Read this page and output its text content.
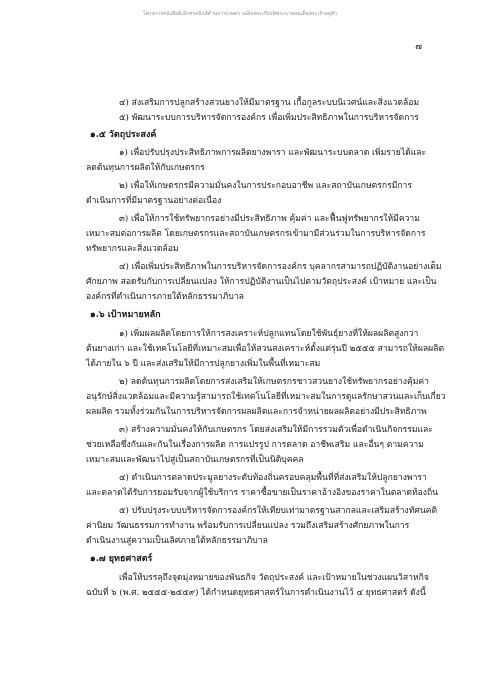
โครงการหนังสืออิเล็กทรอนิกส์ด้านการเกษตร เฉลิมพระเกียรติพระบาทสมเด็จพระเจ้าอยู่หัว
๗
๔) ส่งเสริมการปลูกสร้างสวนยางให้มีมาตรฐาน เกื้อกูลระบบนิเวศน์และสิ่งแวดล้อม
๕) พัฒนาระบบการบริหารจัดการองค์กร เพื่อเพิ่มประสิทธิภาพในการบริหารจัดการ
๑.๕ วัตถุประสงค์
๑) เพื่อปรับปรุงประสิทธิภาพการผลิตยางพารา และพัฒนาระบบตลาด เพิ่มรายได้และ
ลดต้นทุนการผลิตให้กับเกษตรกร
๒) เพื่อให้เกษตรกรมีความมั่นคงในการประกอบอาชีพ และสถาบันเกษตรกรมีการ
ดำเนินการที่มีมาตรฐานอย่างต่อเนื่อง
๓) เพื่อให้การใช้ทรัพยากรอย่างมีประสิทธิภาพ คุ้มค่า และฟื้นฟูทรัพยากรให้มีความ
เหมาะสมต่อการผลิต โดยเกษตรกรและสถาบันเกษตรกรเข้ามามีส่วนร่วมในการบริหารจัดการ
ทรัพยากรและสิ่งแวดล้อม
๔) เพื่อเพิ่มประสิทธิภาพในการบริหารจัดการองค์กร บุคลากรสามารถปฏิบัติงานอย่างเต็ม
ศักยภาพ สอดรับกับการเปลี่ยนแปลง ให้การปฏิบัติงานเป็นไปตามวัตถุประสงค์ เป้าหมาย และเป็น
องค์กรที่ดำเนินการภายใต้หลักธรรมาภิบาล
๑.๖ เป้าหมายหลัก
๑) เพิ่มผลผลิตโดยการให้การสงเคราะห์ปลูกแทนโดยใช้พันธุ์ยางที่ให้ผลผลิตสูงกว่า
ต้นยางเก่า และใช้เทคโนโลยีที่เหมาะสมเพื่อให้สวนสงเคราะห์ตั้งแต่รุ่นปี ๒๕๕๕ สามารถให้ผลผลิต
ได้ภายใน ๖ ปี และส่งเสริมให้มีการปลูกยางเพิ่มในพื้นที่เหมาะสม
๒) ลดต้นทุนการผลิตโดยการส่งเสริมให้เกษตรกรชาวสวนยางใช้ทรัพยากรอย่างคุ้มค่า
อนุรักษ์สิ่งแวดล้อมและมีความรู้สามารถใช้เทคโนโลยีที่เหมาะสมในการดูแลรักษาสวนและเก็บเกี่ยว
ผลผลิต รวมทั้งร่วมกันในการบริหารจัดการผลผลิตและการจำหน่ายผลผลิตอย่างมีประสิทธิภาพ
๓) สร้างความมั่นคงให้กับเกษตรกร โดยส่งเสริมให้มีการรวมตัวเพื่อดำเนินกิจกรรมและ
ช่วยเหลือซึ่งกันและกันในเรื่องการผลิต การแปรรูป การตลาด อาชีพเสริม และอื่นๆ ตามความ
เหมาะสมและพัฒนาไปสู่เป็นสถาบันเกษตรกรที่เป็นนิติบุคคล
๔) ดำเนินการตลาดประมูลยางระดับท้องถิ่นครอบคลุมพื้นที่ที่ส่งเสริมให้ปลูกยางพารา
และตลาดได้รับการยอมรับจากผู้ใช้บริการ ราคาซื้อขายเป็นราคาอ้างอิงของราคาในตลาดท้องถิ่น
๕) ปรับปรุงระบบบริหารจัดการองค์กรให้เทียบเท่ามาตรฐานสากลและเสริมสร้างทัศนคติ
ค่านิยม วัฒนธรรมการทำงาน พร้อมรับการเปลี่ยนแปลง รวมถึงเสริมสร้างศักยภาพในการ
ดำเนินงานสู่ความเป็นเลิศภายใต้หลักธรรมาภิบาล
๑.๗ ยุทธศาสตร์
เพื่อให้บรรลุถึงจุดมุ่งหมายของพันธกิจ วัตถุประสงค์ และเป้าหมายในช่วงแผนวิสาหกิจ
ฉบับที่ ๖ (พ.ศ. ๒๕๕๕-๒๕๕๙) ได้กำหนดยุทธศาสตร์ในการดำเนินงานไว้ ๔ ยุทธศาสตร์ ดังนี้
